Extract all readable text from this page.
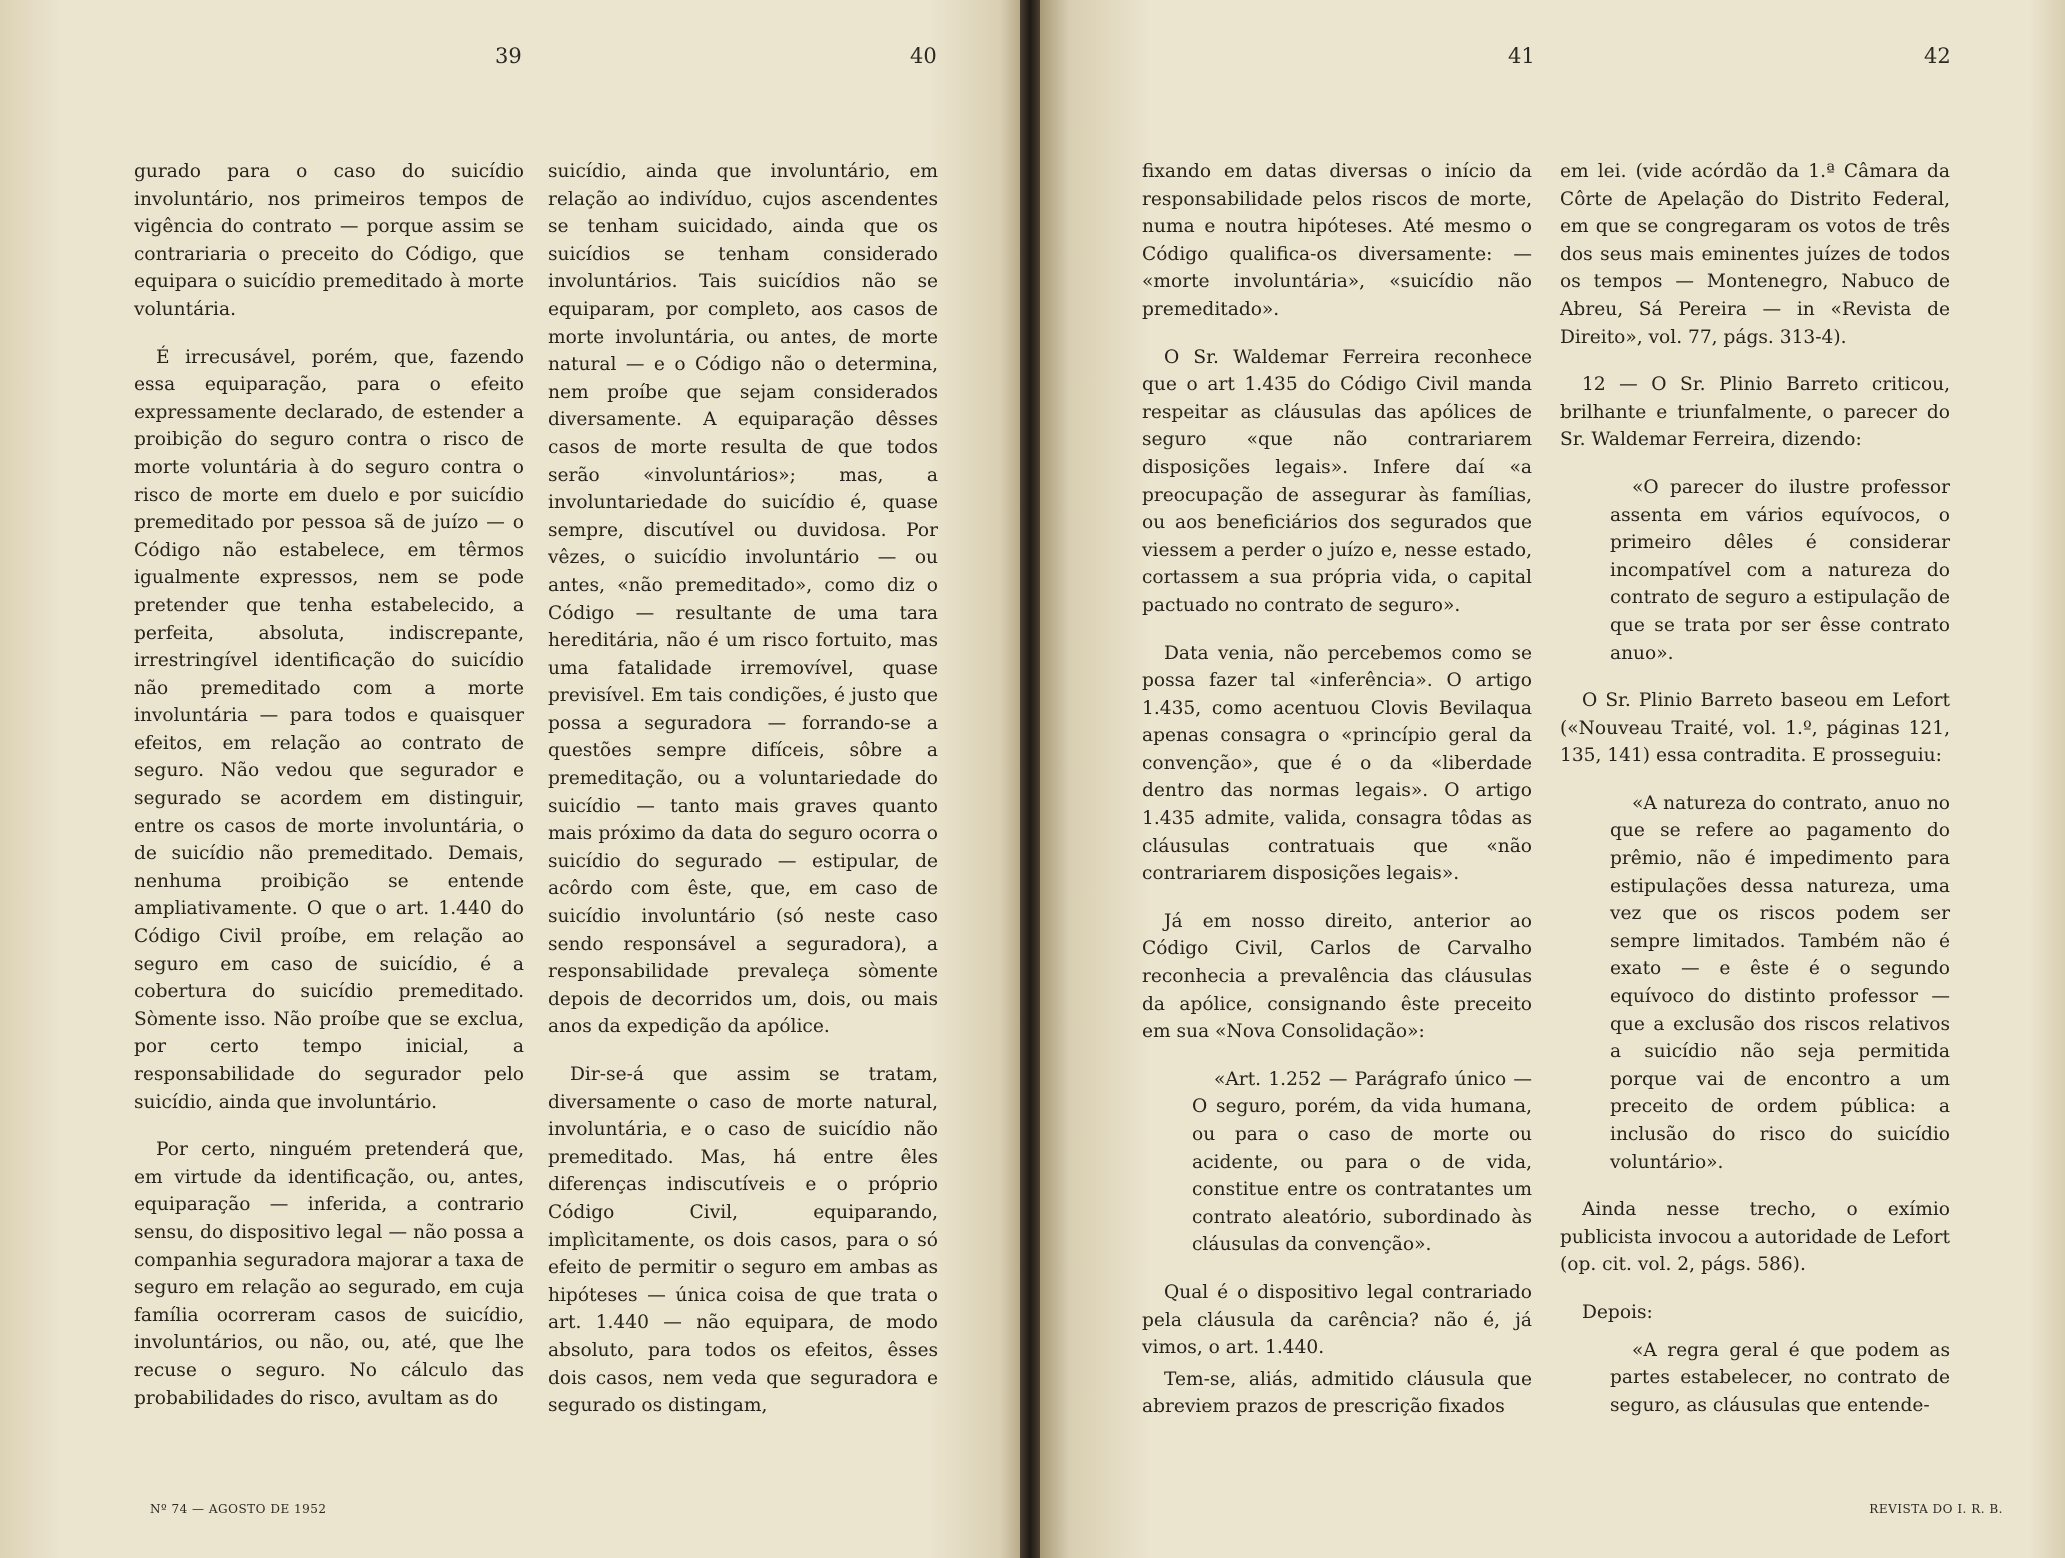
39	40

gurado para o caso do suicídio involuntário, nos primeiros tempos de vigência do contrato — porque assim se contrariaria o preceito do Código, que equipara o suicídio premeditado à morte voluntária.

É irrecusável, porém, que, fazendo essa equiparação, para o efeito expressamente declarado, de estender a proibição do seguro contra o risco de morte voluntária à do seguro contra o risco de morte em duelo e por suicídio premeditado por pessoa sã de juízo — o Código não estabelece, em têrmos igualmente expressos, nem se pode pretender que tenha estabelecido, a perfeita, absoluta, indiscrepante, irrestringível identificação do suicídio não premeditado com a morte involuntária — para todos e quaisquer efeitos, em relação ao contrato de seguro. Não vedou que segurador e segurado se acordem em distinguir, entre os casos de morte involuntária, o de suicídio não premeditado. Demais, nenhuma proibição se entende ampliativamente. O que o art. 1.440 do Código Civil proíbe, em relação ao seguro em caso de suicídio, é a cobertura do suicídio premeditado. Sòmente isso. Não proíbe que se exclua, por certo tempo inicial, a responsabilidade do segurador pelo suicídio, ainda que involuntário.

Por certo, ninguém pretenderá que, em virtude da identificação, ou, antes, equiparação — inferida, a contrario sensu, do dispositivo legal — não possa a companhia seguradora majorar a taxa de seguro em relação ao segurado, em cuja família ocorreram casos de suicídio, involuntários, ou não, ou, até, que lhe recuse o seguro. No cálculo das probabilidades do risco, avultam as do

suicídio, ainda que involuntário, em relação ao indivíduo, cujos ascendentes se tenham suicidado, ainda que os suicídios se tenham considerado involuntários. Tais suicídios não se equiparam, por completo, aos casos de morte involuntária, ou antes, de morte natural — e o Código não o determina, nem proíbe que sejam considerados diversamente. A equiparação dêsses casos de morte resulta de que todos serão «involuntários»; mas, a involuntariedade do suicídio é, quase sempre, discutível ou duvidosa. Por vêzes, o suicídio involuntário — ou antes, «não premeditado», como diz o Código — resultante de uma tara hereditária, não é um risco fortuito, mas uma fatalidade irremovível, quase previsível. Em tais condições, é justo que possa a seguradora — forrando-se a questões sempre difíceis, sôbre a premeditação, ou a voluntariedade do suicídio — tanto mais graves quanto mais próximo da data do seguro ocorra o suicídio do segurado — estipular, de acôrdo com êste, que, em caso de suicídio involuntário (só neste caso sendo responsável a seguradora), a responsabilidade prevaleça sòmente depois de decorridos um, dois, ou mais anos da expedição da apólice.

Dir-se-á que assim se tratam, diversamente o caso de morte natural, involuntária, e o caso de suicídio não premeditado. Mas, há entre êles diferenças indiscutíveis e o próprio Código Civil, equiparando, implìcitamente, os dois casos, para o só efeito de permitir o seguro em ambas as hipóteses — única coisa de que trata o art. 1.440 — não equipara, de modo absoluto, para todos os efeitos, êsses dois casos, nem veda que seguradora e segurado os distingam,

Nº 74 — AGOSTO DE 1952
41	42

fixando em datas diversas o início da responsabilidade pelos riscos de morte, numa e noutra hipóteses. Até mesmo o Código qualifica-os diversamente: — «morte involuntária», «suicídio não premeditado».

O Sr. Waldemar Ferreira reconhece que o art 1.435 do Código Civil manda respeitar as cláusulas das apólices de seguro «que não contrariarem disposições legais». Infere daí «a preocupação de assegurar às famílias, ou aos beneficiários dos segurados que viessem a perder o juízo e, nesse estado, cortassem a sua própria vida, o capital pactuado no contrato de seguro».

Data venia, não percebemos como se possa fazer tal «inferência». O artigo 1.435, como acentuou Clovis Bevilaqua apenas consagra o «princípio geral da convenção», que é o da «liberdade dentro das normas legais». O artigo 1.435 admite, valida, consagra tôdas as cláusulas contratuais que «não contrariarem disposições legais».

Já em nosso direito, anterior ao Código Civil, Carlos de Carvalho reconhecia a prevalência das cláusulas da apólice, consignando êste preceito em sua «Nova Consolidação»:

«Art. 1.252 — Parágrafo único — O seguro, porém, da vida humana, ou para o caso de morte ou acidente, ou para o de vida, constitue entre os contratantes um contrato aleatório, subordinado às cláusulas da convenção».

Qual é o dispositivo legal contrariado pela cláusula da carência? não é, já vimos, o art. 1.440.

Tem-se, aliás, admitido cláusula que abreviem prazos de prescrição fixados

em lei. (vide acórdão da 1.ª Câmara da Côrte de Apelação do Distrito Federal, em que se congregaram os votos de três dos seus mais eminentes juízes de todos os tempos — Montenegro, Nabuco de Abreu, Sá Pereira — in «Revista de Direito», vol. 77, págs. 313-4).

12 — O Sr. Plinio Barreto criticou, brilhante e triunfalmente, o parecer do Sr. Waldemar Ferreira, dizendo:

«O parecer do ilustre professor assenta em vários equívocos, o primeiro dêles é considerar incompatível com a natureza do contrato de seguro a estipulação de que se trata por ser êsse contrato anuo».

O Sr. Plinio Barreto baseou em Lefort («Nouveau Traité, vol. 1.º, páginas 121, 135, 141) essa contradita. E prosseguiu:

«A natureza do contrato, anuo no que se refere ao pagamento do prêmio, não é impedimento para estipulações dessa natureza, uma vez que os riscos podem ser sempre limitados. Também não é exato — e êste é o segundo equívoco do distinto professor — que a exclusão dos riscos relativos a suicídio não seja permitida porque vai de encontro a um preceito de ordem pública: a inclusão do risco do suicídio voluntário».

Ainda nesse trecho, o exímio publicista invocou a autoridade de Lefort (op. cit. vol. 2, págs. 586).

Depois:

«A regra geral é que podem as partes estabelecer, no contrato de seguro, as cláusulas que entende-

REVISTA DO I. R. B.
